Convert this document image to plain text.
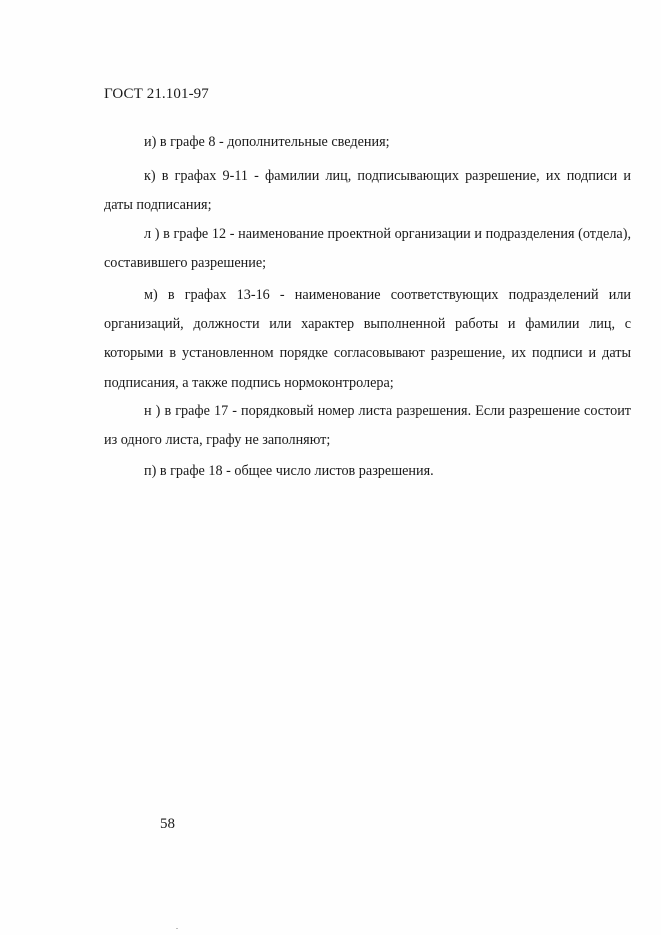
ГОСТ 21.101-97

и) в графе 8 - дополнительные сведения;

к) в графах 9-11 - фамилии лиц, подписывающих разрешение, их подписи и даты подписания;

л ) в графе 12 - наименование проектной организации и подразделения (отдела), составившего разрешение;

м) в графах 13-16 - наименование соответствующих подразделений или организаций, должности или характер выполненной работы и фамилии лиц, с которыми в установленном порядке согласовывают разрешение, их подписи и даты подписания, а также подпись нормоконтролера;

н ) в графе 17 - порядковый номер листа разрешения. Если разрешение состоит из одного листа, графу не заполняют;

п) в графе 18 - общее число листов разрешения.

58
